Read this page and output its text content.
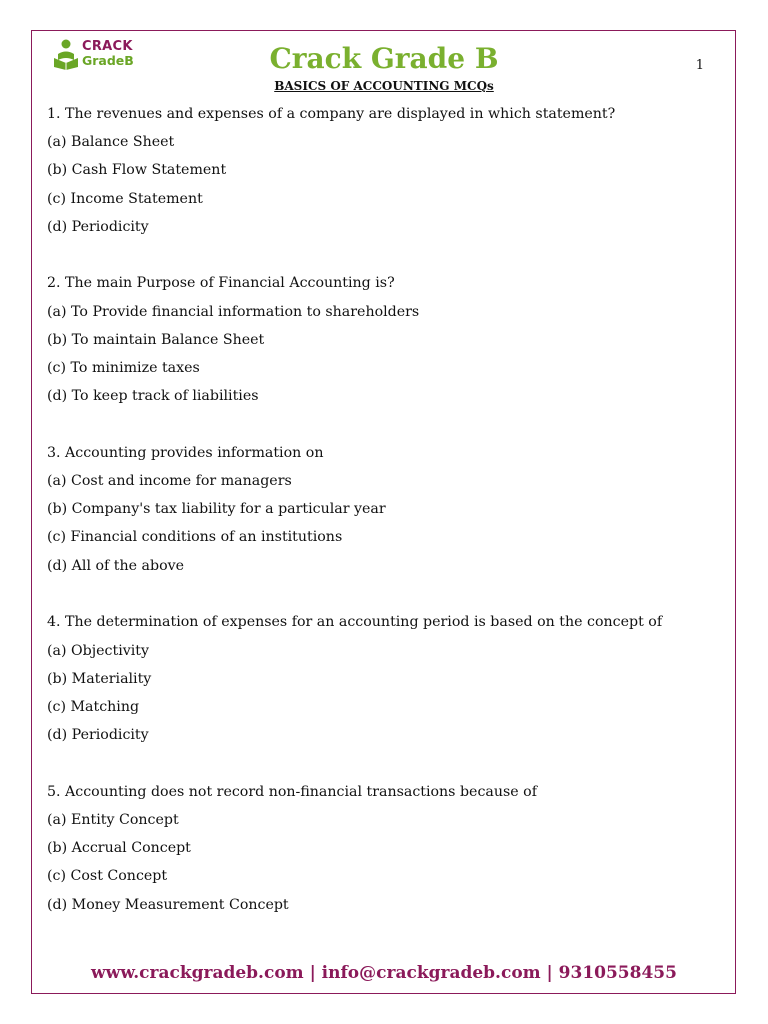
CRACK
GradeB	Crack Grade B	1
BASICS OF ACCOUNTING MCQs
1. The revenues and expenses of a company are displayed in which statement?
(a) Balance Sheet
(b) Cash Flow Statement
(c) Income Statement
(d) Periodicity
2. The main Purpose of Financial Accounting is?
(a) To Provide financial information to shareholders
(b) To maintain Balance Sheet
(c) To minimize taxes
(d) To keep track of liabilities
3. Accounting provides information on
(a) Cost and income for managers
(b) Company's tax liability for a particular year
(c) Financial conditions of an institutions
(d) All of the above
4. The determination of expenses for an accounting period is based on the concept of
(a) Objectivity
(b) Materiality
(c) Matching
(d) Periodicity
5. Accounting does not record non-financial transactions because of
(a) Entity Concept
(b) Accrual Concept
(c) Cost Concept
(d) Money Measurement Concept
www.crackgradeb.com | info@crackgradeb.com | 9310558455
